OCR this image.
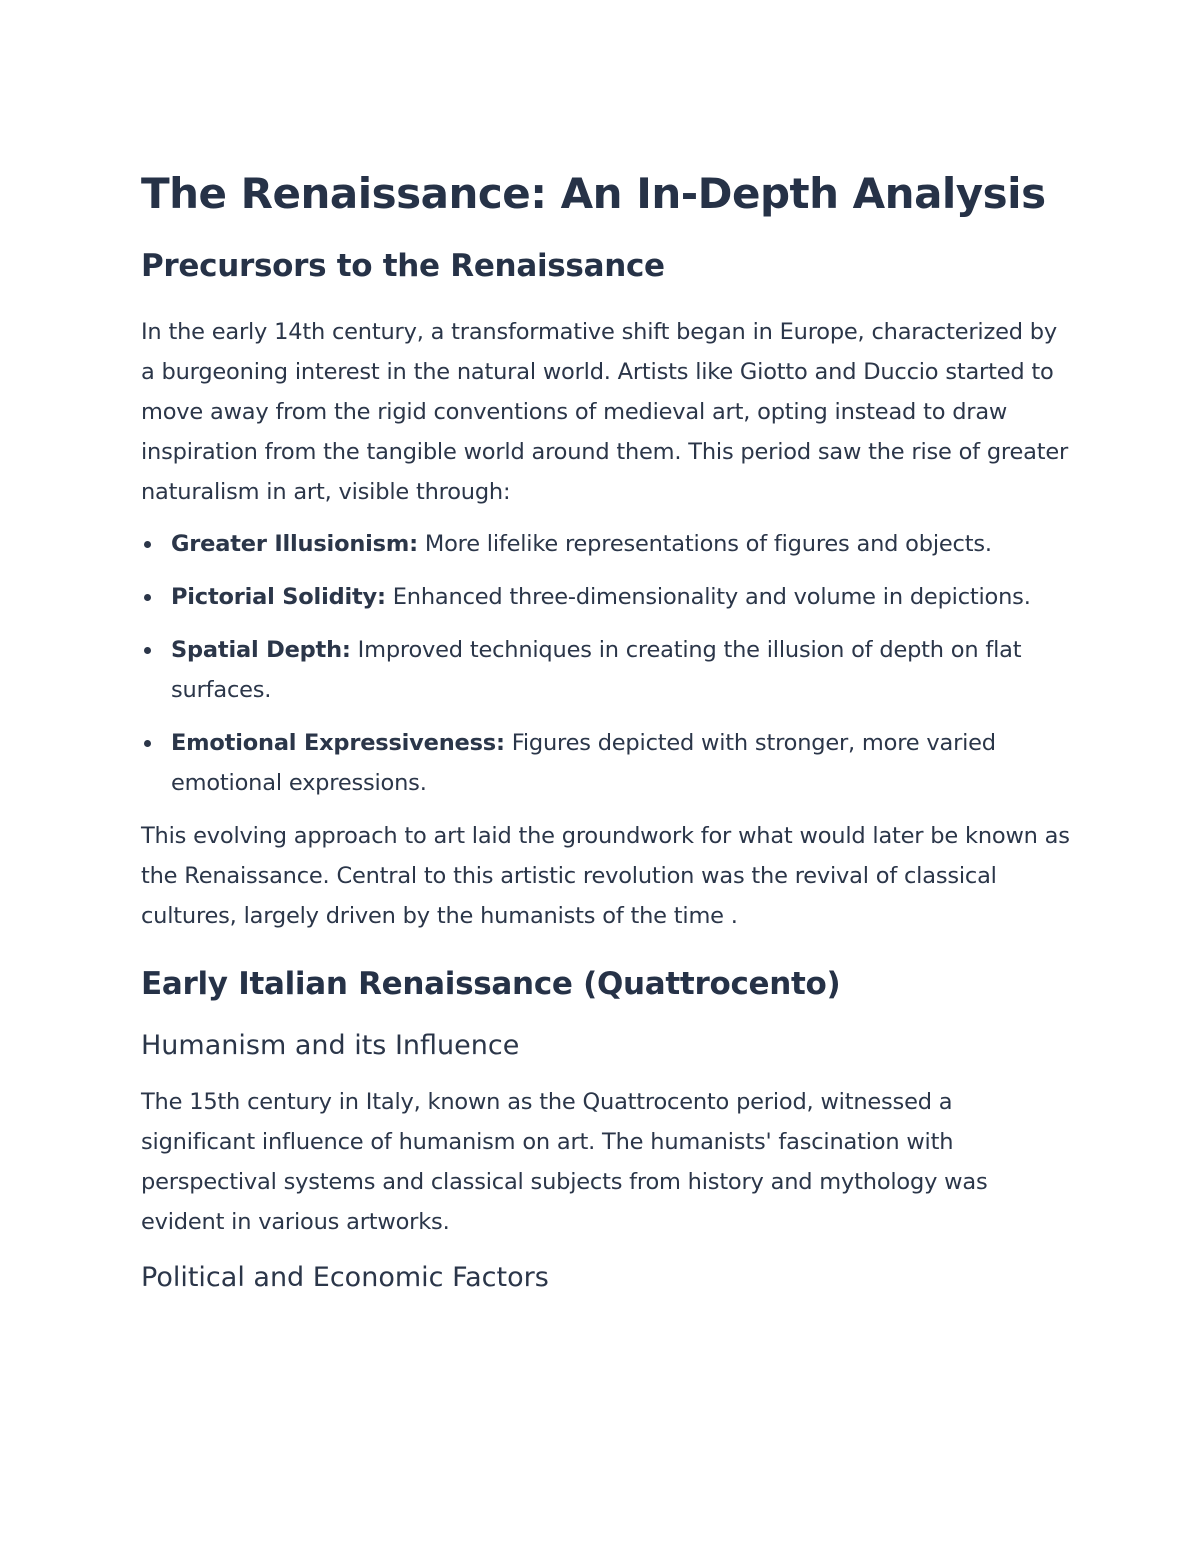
The Renaissance: An In-Depth Analysis
Precursors to the Renaissance

In the early 14th century, a transformative shift began in Europe, characterized by a burgeoning interest in the natural world. Artists like Giotto and Duccio started to move away from the rigid conventions of medieval art, opting instead to draw inspiration from the tangible world around them. This period saw the rise of greater naturalism in art, visible through:

Greater Illusionism: More lifelike representations of figures and objects.
Pictorial Solidity: Enhanced three-dimensionality and volume in depictions.
Spatial Depth: Improved techniques in creating the illusion of depth on flat surfaces.
Emotional Expressiveness: Figures depicted with stronger, more varied emotional expressions.

This evolving approach to art laid the groundwork for what would later be known as the Renaissance. Central to this artistic revolution was the revival of classical cultures, largely driven by the humanists of the time .

Early Italian Renaissance (Quattrocento)
Humanism and its Influence

The 15th century in Italy, known as the Quattrocento period, witnessed a significant influence of humanism on art. The humanists' fascination with perspectival systems and classical subjects from history and mythology was evident in various artworks.

Political and Economic Factors
